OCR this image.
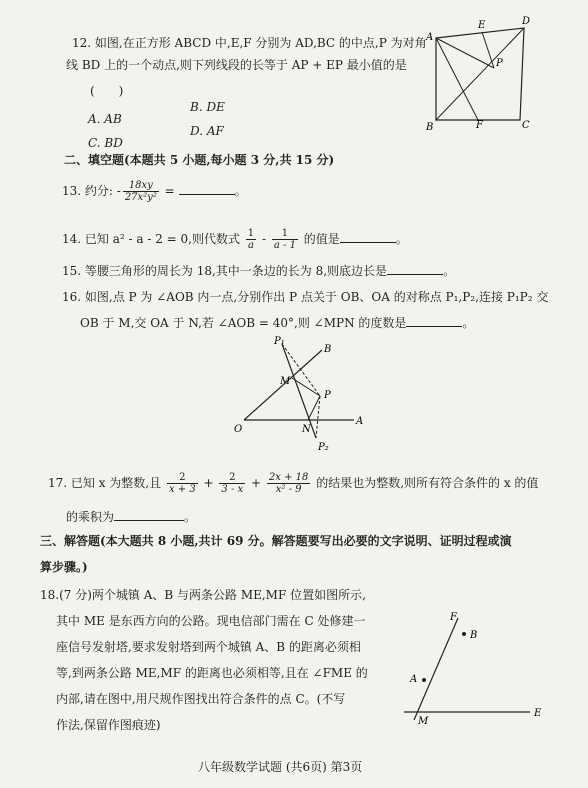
12. 如图,在正方形 ABCD 中,E,F 分别为 AD,BC 的中点,P 为对角
线 BD 上的一个动点,则下列线段的长等于 AP + EP 最小值的是
(　　)
A. AB
B. DE
C. BD
D. AF
A
B	C
D
E
F
P
二、填空题(本题共 5 小题,每小题 3 分,共 15 分)
13. 约分: - $\frac{18xy}{\text{27x²y²}}$ =	。
14. 已知 a² - a - 2 = 0,则代数式 $\frac{1}{a} - \frac{1}{a - 1}$ 的值是	。
15. 等腰三角形的周长为 18,其中一条边的长为 8,则底边长是	。
16. 如图,点 P 为 ∠AOB 内一点,分别作出 P 点关于 OB、OA 的对称点 P₁,P₂,连接 P₁P₂ 交
OB 于 M,交 OA 于 N,若 ∠AOB = 40°,则 ∠MPN 的度数是	。
P₁
B
M
P
O	N
A
P₂
17. 已知 x 为整数,且 $\frac{2}{x + 3} + \frac{2}{3 - x} + \frac{2x + 18}{\text{x² - 9}}$ 的结果也为整数,则所有符合条件的 x 的值
的乘积为	。
三、解答题(本大题共 8 小题,共计 69 分。解答题要写出必要的文字说明、证明过程或演
算步骤。)
18.(7 分)两个城镇 A、B 与两条公路 ME,MF 位置如图所示,
其中 ME 是东西方向的公路。现电信部门需在 C 处修建一
座信号发射塔,要求发射塔到两个城镇 A、B 的距离必须相
等,到两条公路 ME,MF 的距离也必须相等,且在 ∠FME 的
内部,请在图中,用尺规作图找出符合条件的点 C。(不写
作法,保留作图痕迹)
F
B
A
M
E
八年级数学试题 (共6页) 第3页
